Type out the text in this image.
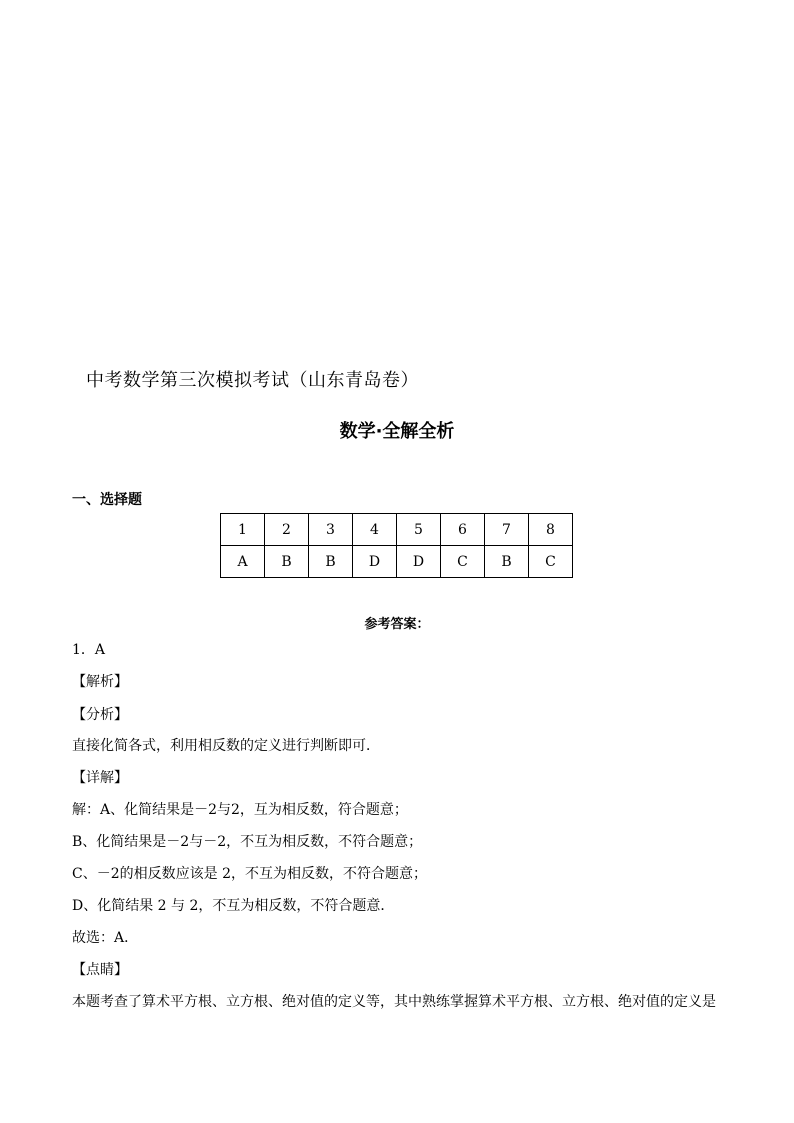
中考数学第三次模拟考试（山东青岛卷）
数学·全解全析
一、选择题
1	2	3	4	5	6	7	8
A	B	B	D	D	C	B	C
参考答案：
1．A
【解析】
【分析】
直接化简各式，利用相反数的定义进行判断即可．
【详解】
解：A、化简结果是－2与2，互为相反数，符合题意；
B、化简结果是－2与－2，不互为相反数，不符合题意；
C、－2的相反数应该是 2，不互为相反数，不符合题意；
D、化简结果 2 与 2，不互为相反数，不符合题意．
故选：A．
【点睛】
本题考查了算术平方根、立方根、绝对值的定义等，其中熟练掌握算术平方根、立方根、绝对值的定义是
